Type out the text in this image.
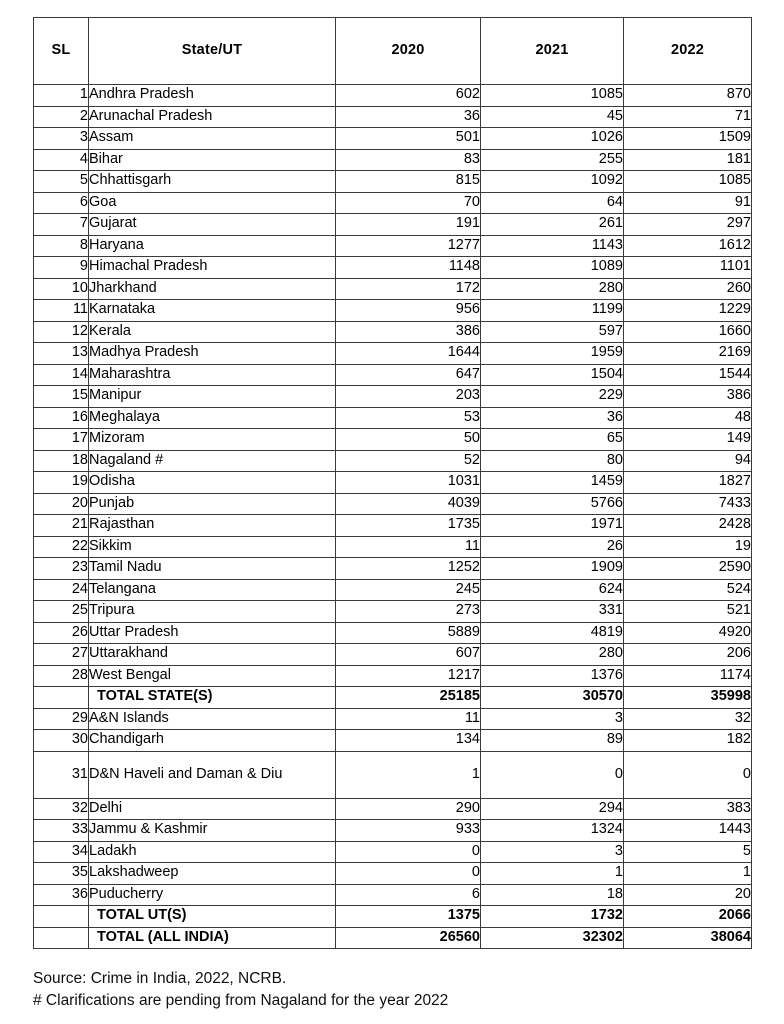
SL	State/UT	2020	2021	2022
1	Andhra Pradesh	602	1085	870
2	Arunachal Pradesh	36	45	71
3	Assam	501	1026	1509
4	Bihar	83	255	181
5	Chhattisgarh	815	1092	1085
6	Goa	70	64	91
7	Gujarat	191	261	297
8	Haryana	1277	1143	1612
9	Himachal Pradesh	1148	1089	1101
10	Jharkhand	172	280	260
11	Karnataka	956	1199	1229
12	Kerala	386	597	1660
13	Madhya Pradesh	1644	1959	2169
14	Maharashtra	647	1504	1544
15	Manipur	203	229	386
16	Meghalaya	53	36	48
17	Mizoram	50	65	149
18	Nagaland #	52	80	94
19	Odisha	1031	1459	1827
20	Punjab	4039	5766	7433
21	Rajasthan	1735	1971	2428
22	Sikkim	11	26	19
23	Tamil Nadu	1252	1909	2590
24	Telangana	245	624	524
25	Tripura	273	331	521
26	Uttar Pradesh	5889	4819	4920
27	Uttarakhand	607	280	206
28	West Bengal	1217	1376	1174
	TOTAL STATE(S)	25185	30570	35998
29	A&N Islands	11	3	32
30	Chandigarh	134	89	182
31	D&N Haveli and Daman & Diu	1	0	0
32	Delhi	290	294	383
33	Jammu & Kashmir	933	1324	1443
34	Ladakh	0	3	5
35	Lakshadweep	0	1	1
36	Puducherry	6	18	20
	TOTAL UT(S)	1375	1732	2066
	TOTAL (ALL INDIA)	26560	32302	38064
Source: Crime in India, 2022, NCRB.
# Clarifications are pending from Nagaland for the year 2022
